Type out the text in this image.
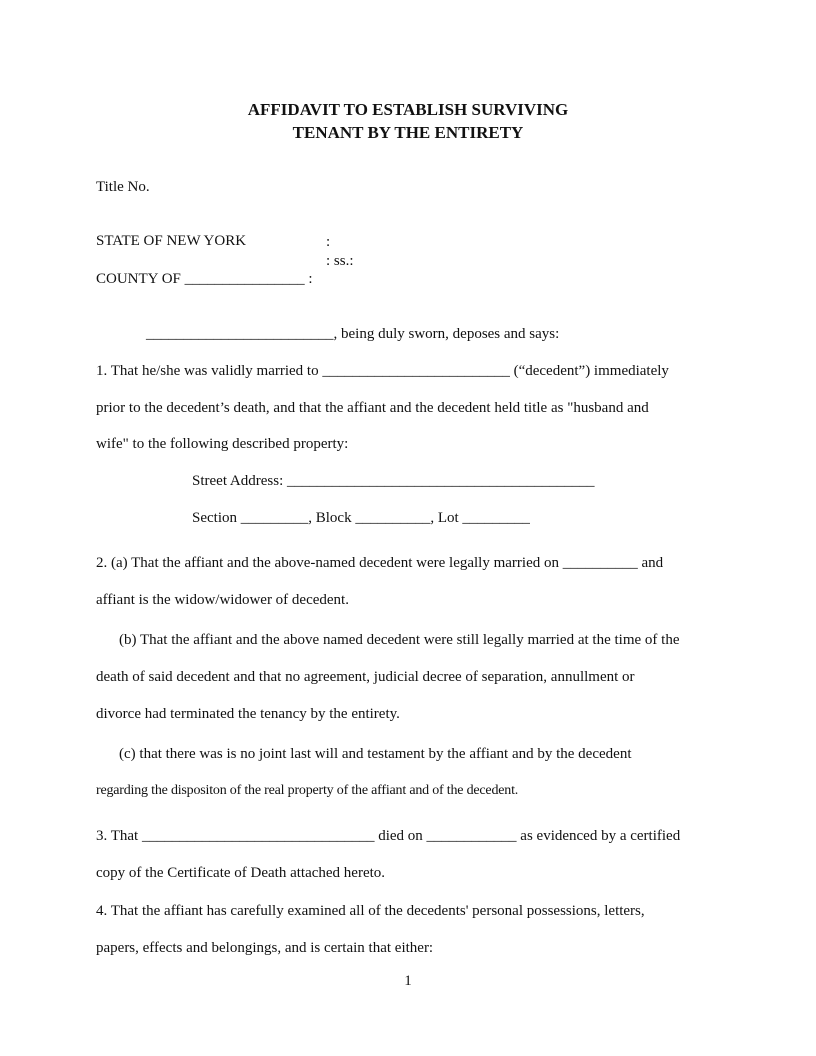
AFFIDAVIT TO ESTABLISH SURVIVING
TENANT BY THE ENTIRETY
Title No.
STATE OF NEW YORK	:
: ss.:
COUNTY OF ________________ :
_________________________, being duly sworn, deposes and says:
1. That he/she was validly married to _________________________ (“decedent”) immediately
prior to the decedent’s death, and that the affiant and the decedent held title as "husband and
wife" to the following described property:
Street Address: _________________________________________
Section _________, Block __________, Lot _________
2. (a) That the affiant and the above-named decedent were legally married on __________ and
affiant is the widow/widower of decedent.
(b) That the affiant and the above named decedent were still legally married at the time of the
death of said decedent and that no agreement, judicial decree of separation, annullment or
divorce had terminated the tenancy by the entirety.
(c) that there was is no joint last will and testament by the affiant and by the decedent
regarding the dispositon of the real property of the affiant and of the decedent.
3. That _______________________________ died on ____________ as evidenced by a certified
copy of the Certificate of Death attached hereto.
4. That the affiant has carefully examined all of the decedents' personal possessions, letters,
papers, effects and belongings, and is certain that either:
1
